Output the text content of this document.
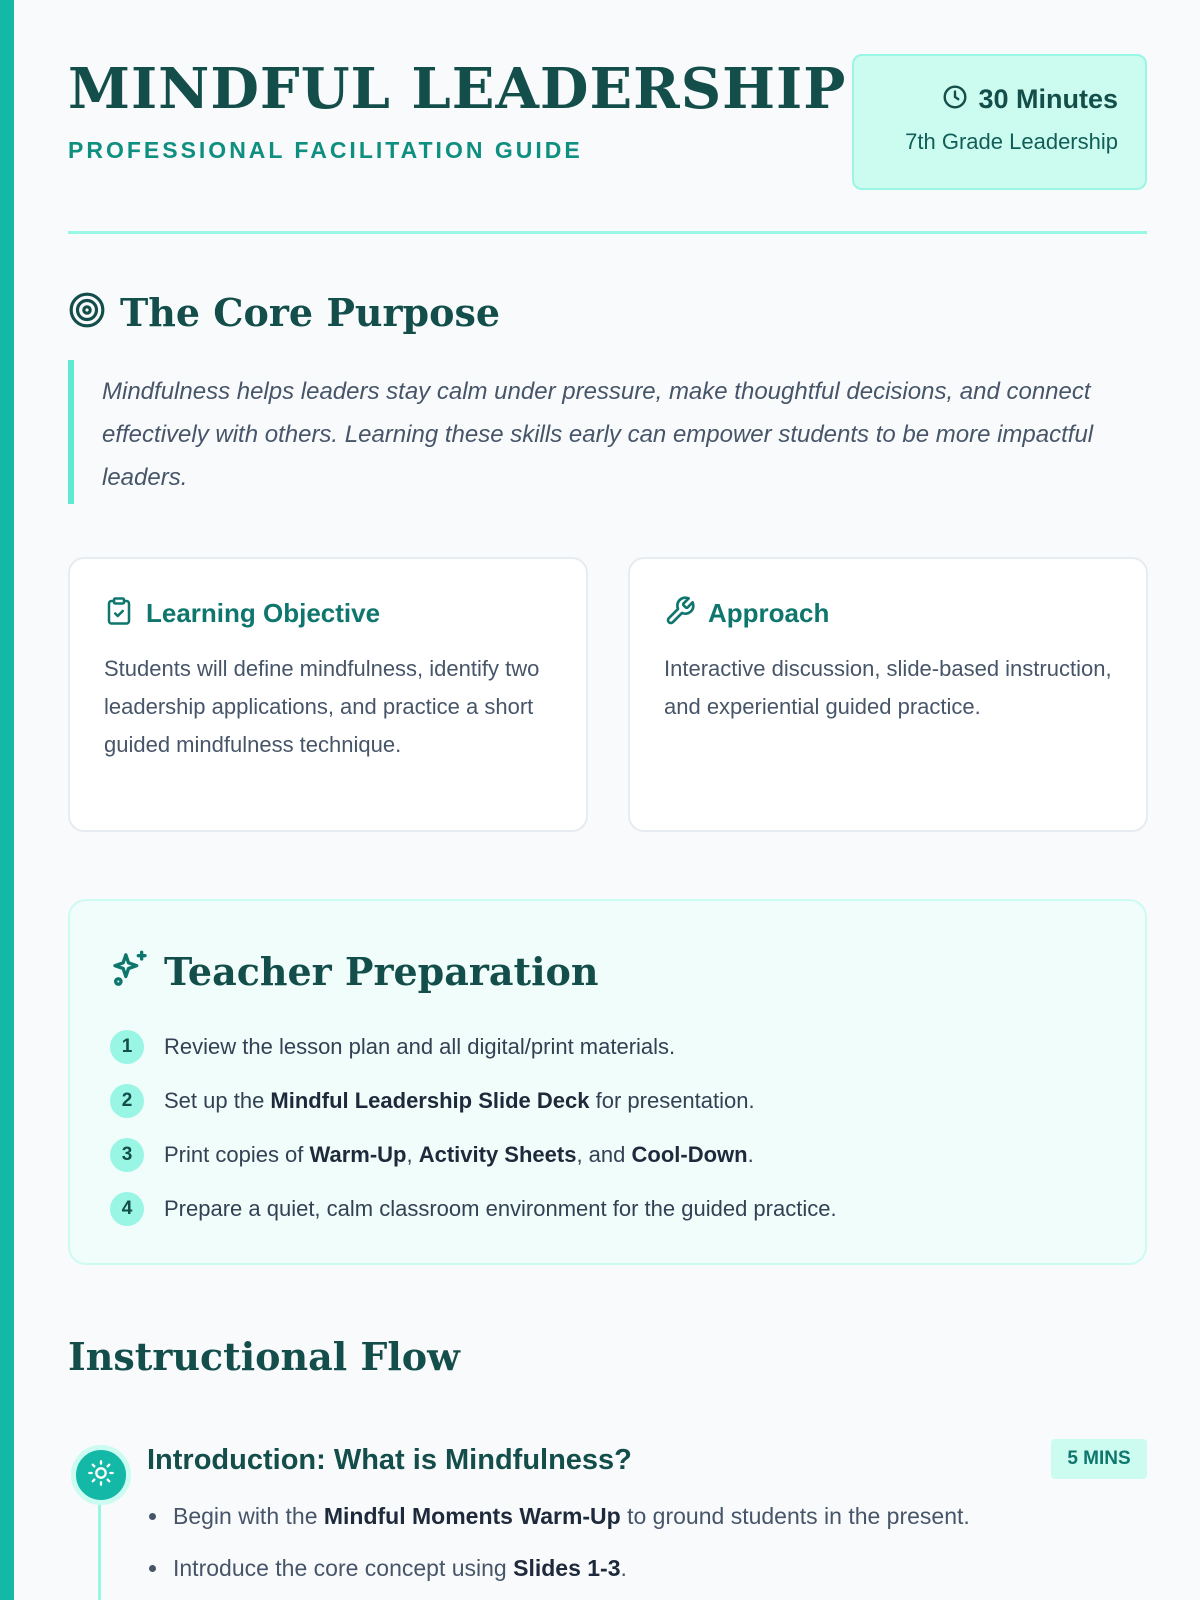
MINDFUL LEADERSHIP
PROFESSIONAL FACILITATION GUIDE
30 Minutes
7th Grade Leadership
The Core Purpose
Mindfulness helps leaders stay calm under pressure, make thoughtful decisions, and connect effectively with others. Learning these skills early can empower students to be more impactful leaders.
Learning Objective
Students will define mindfulness, identify two leadership applications, and practice a short guided mindfulness technique.
Approach
Interactive discussion, slide-based instruction, and experiential guided practice.
Teacher Preparation
1	Review the lesson plan and all digital/print materials.
2	Set up the Mindful Leadership Slide Deck for presentation.
3	Print copies of Warm-Up, Activity Sheets, and Cool-Down.
4	Prepare a quiet, calm classroom environment for the guided practice.
Instructional Flow
Introduction: What is Mindfulness?	5 MINS
Begin with the Mindful Moments Warm-Up to ground students in the present.
Introduce the core concept using Slides 1-3.
